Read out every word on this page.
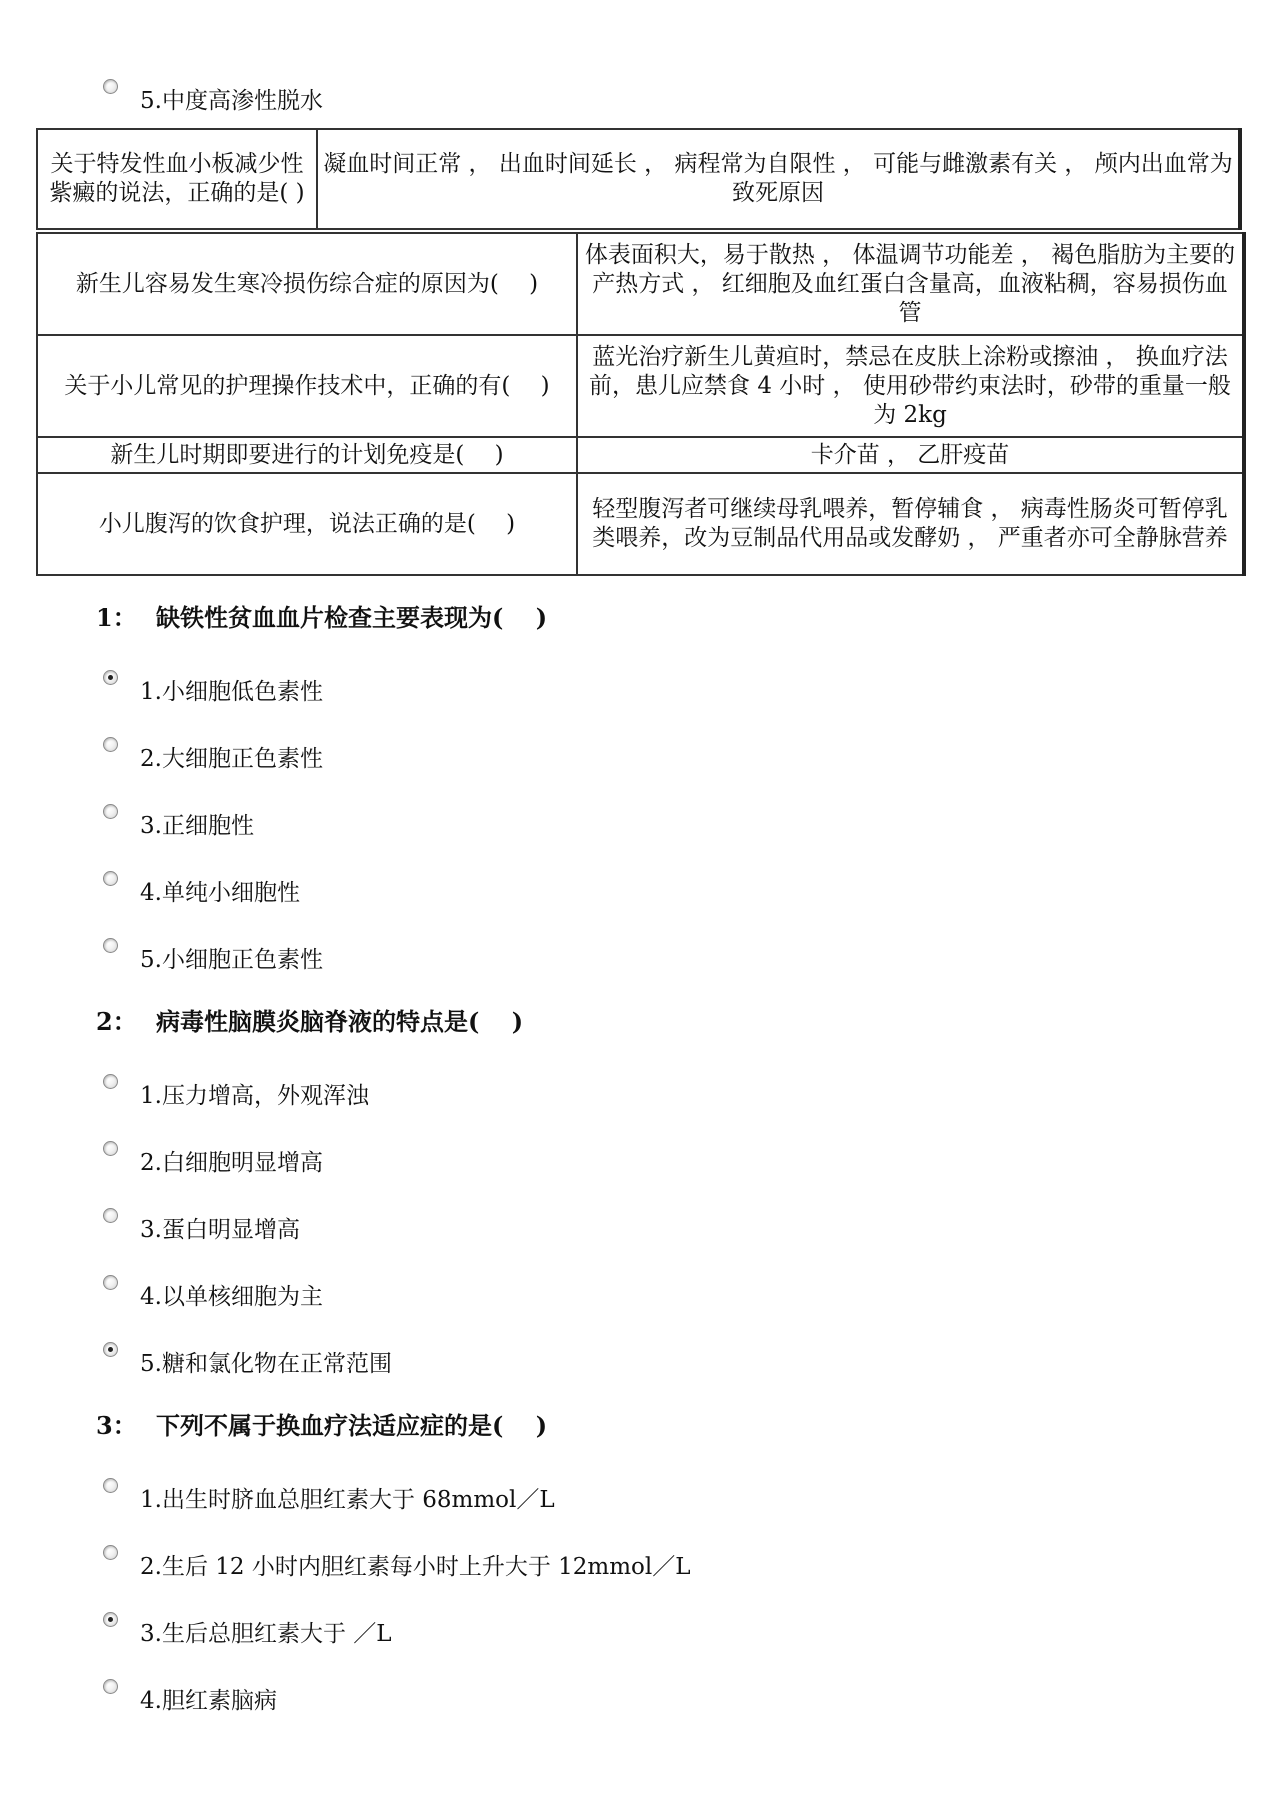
5.中度高渗性脱水
关于特发性血小板减少性紫癜的说法，正确的是( )	凝血时间正常 ， 出血时间延长 ， 病程常为自限性 ， 可能与雌激素有关 ， 颅内出血常为致死原因
新生儿容易发生寒冷损伤综合症的原因为(　 )	体表面积大，易于散热 ， 体温调节功能差 ， 褐色脂肪为主要的产热方式 ， 红细胞及血红蛋白含量高，血液粘稠，容易损伤血管
关于小儿常见的护理操作技术中，正确的有(　 )	蓝光治疗新生儿黄疸时，禁忌在皮肤上涂粉或擦油 ， 换血疗法前，患儿应禁食 4 小时 ， 使用砂带约束法时，砂带的重量一般为 2kg
新生儿时期即要进行的计划免疫是(　 )	卡介苗 ， 乙肝疫苗
小儿腹泻的饮食护理，说法正确的是(　 )	轻型腹泻者可继续母乳喂养，暂停辅食 ， 病毒性肠炎可暂停乳类喂养，改为豆制品代用品或发酵奶 ， 严重者亦可全静脉营养
1： 缺铁性贫血血片检查主要表现为(　 )
1.小细胞低色素性
2.大细胞正色素性
3.正细胞性
4.单纯小细胞性
5.小细胞正色素性
2： 病毒性脑膜炎脑脊液的特点是(　 )
1.压力增高，外观浑浊
2.白细胞明显增高
3.蛋白明显增高
4.以单核细胞为主
5.糖和氯化物在正常范围
3： 下列不属于换血疗法适应症的是(　 )
1.出生时脐血总胆红素大于 68mmol／L
2.生后 12 小时内胆红素每小时上升大于 12mmol／L
3.生后总胆红素大于 ／L
4.胆红素脑病
